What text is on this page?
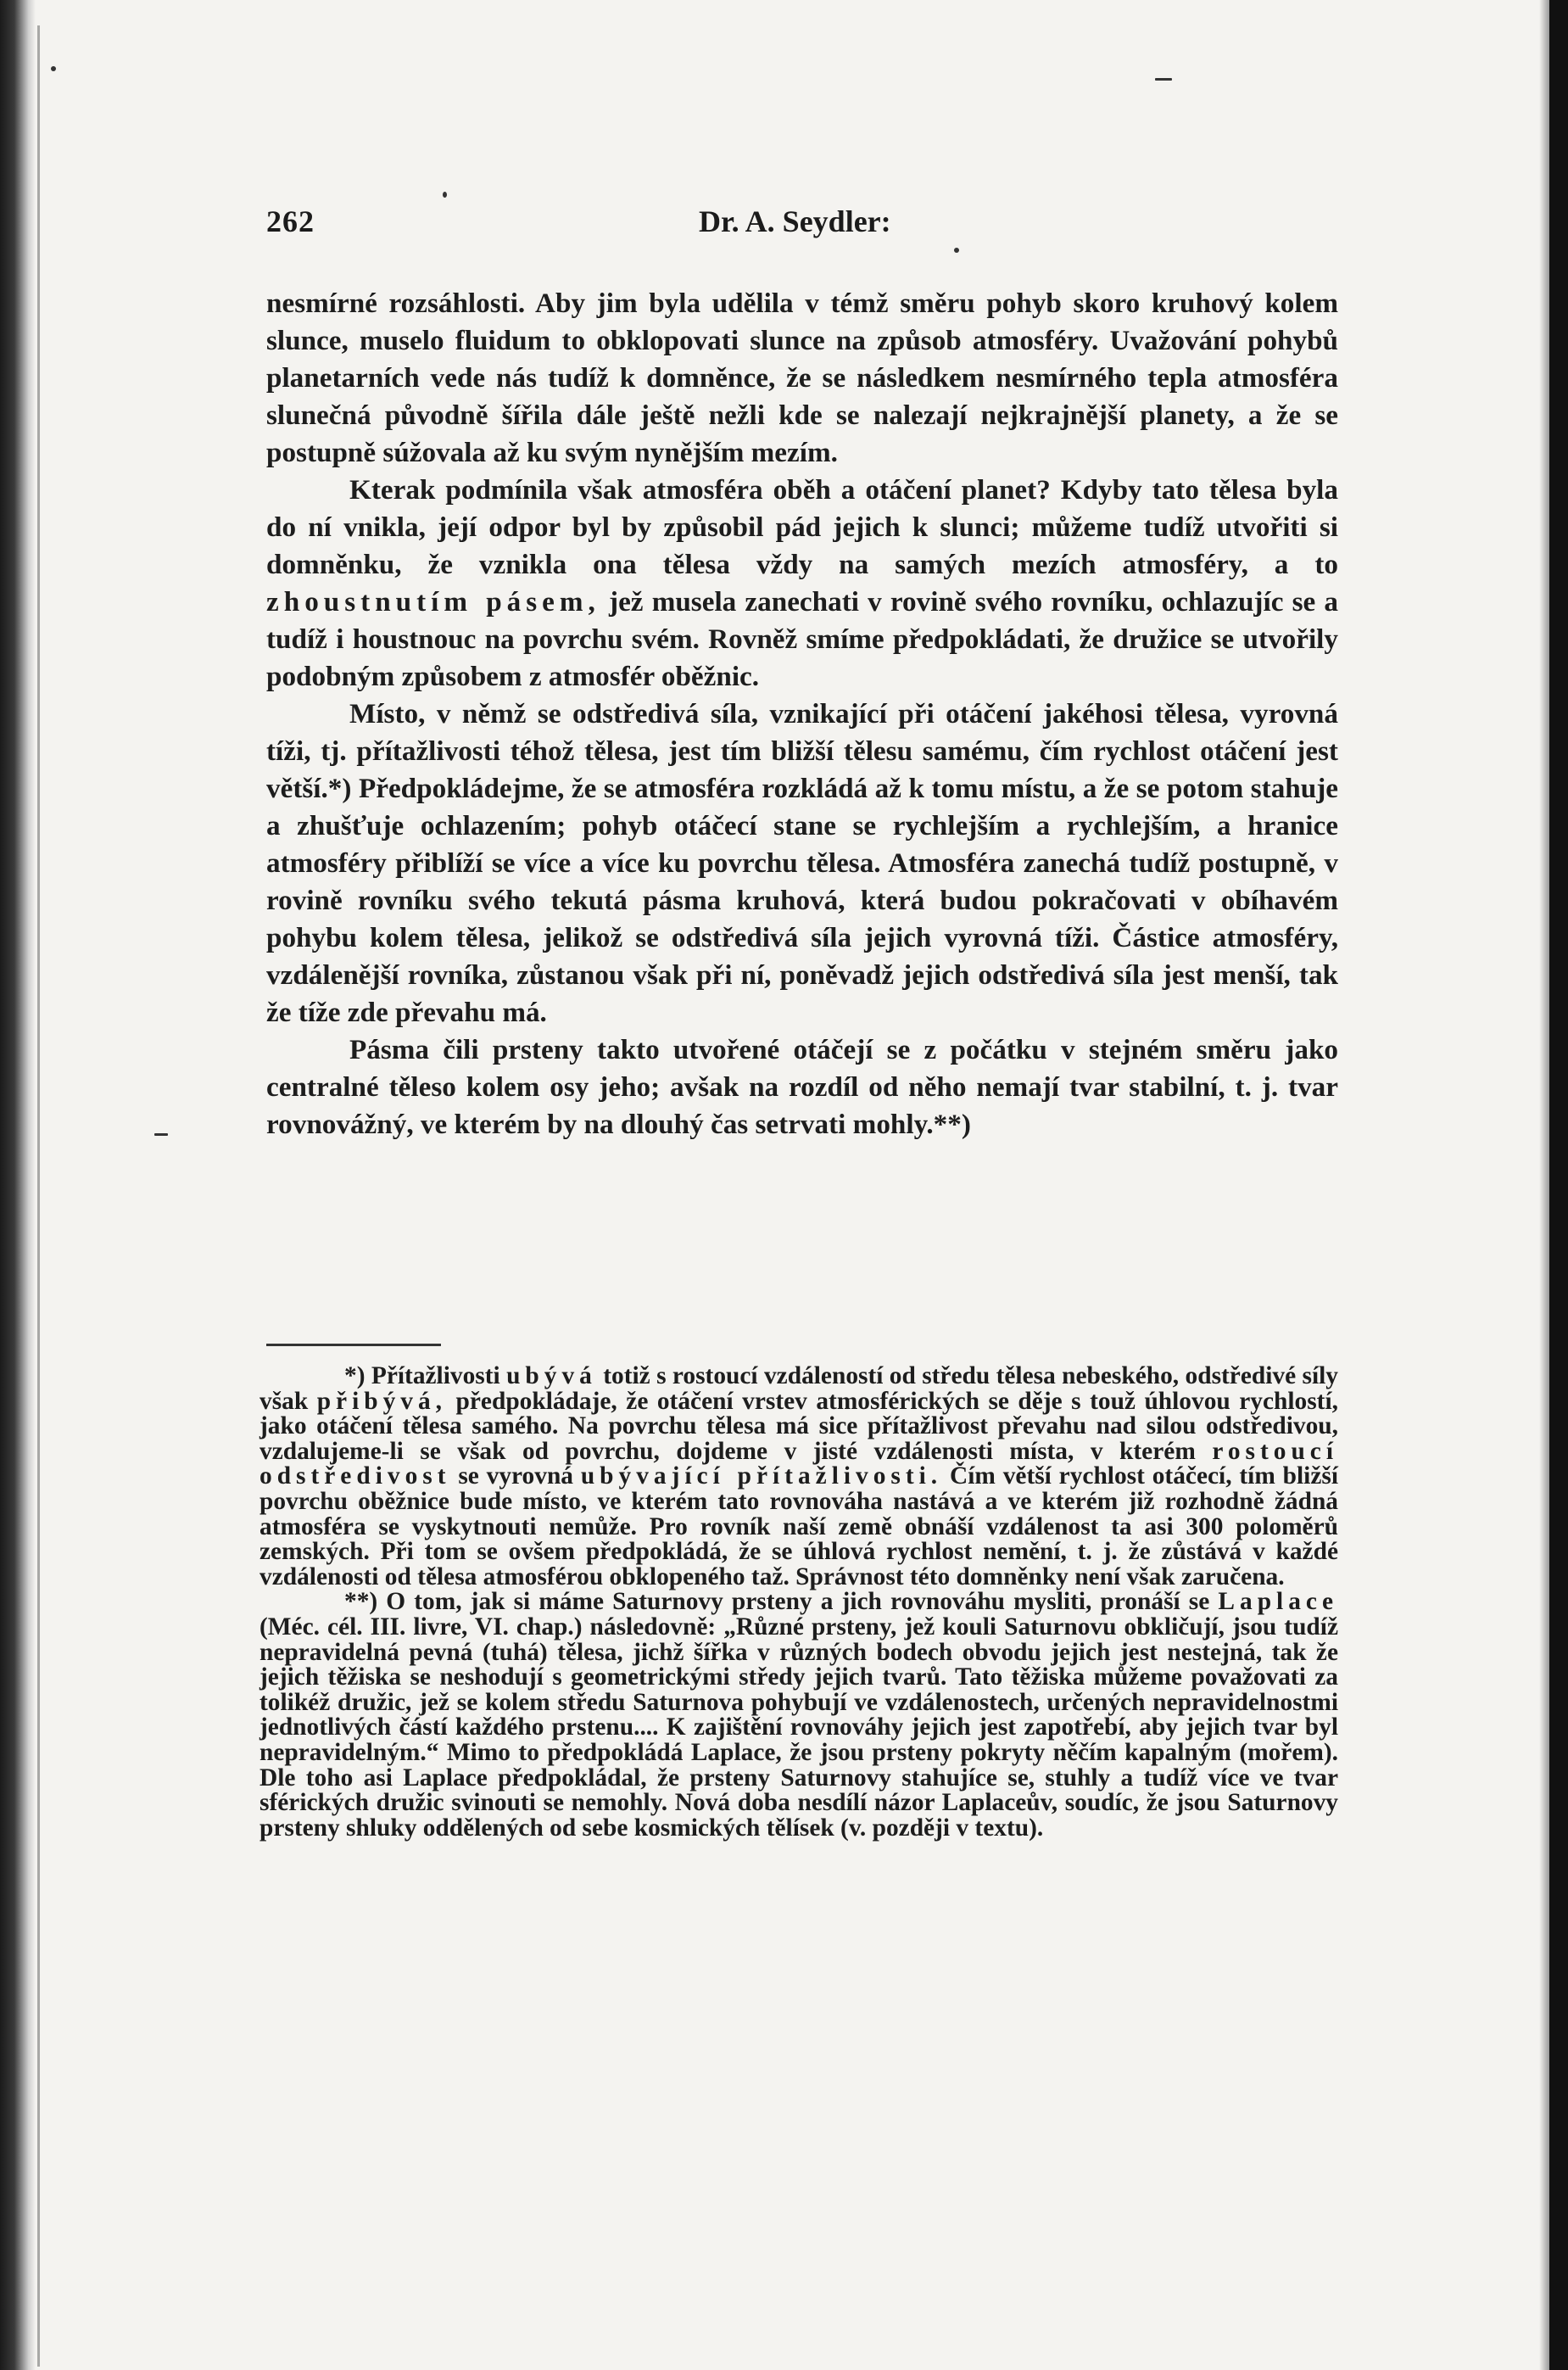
262	Dr. A. Seydler:

nesmírné rozsáhlosti. Aby jim byla udělila v témž směru pohyb skoro kruhový kolem slunce, muselo fluidum to obklopovati slunce na způsob atmosféry. Uvažování pohybů planetarních vede nás tudíž k domněnce, že se následkem nesmírného tepla atmosféra slunečná původně šířila dále ještě nežli kde se nalezají nejkrajnější planety, a že se postupně súžovala až ku svým nynějším mezím.

Kterak podmínila však atmosféra oběh a otáčení planet? Kdyby tato tělesa byla do ní vnikla, její odpor byl by způsobil pád jejich k slunci; můžeme tudíž utvořiti si domněnku, že vznikla ona tělesa vždy na samých mezích atmosféry, a to zhoustnutím pásem, jež musela zanechati v rovině svého rovníku, ochlazujíc se a tudíž i houstnouc na povrchu svém. Rovněž smíme předpokládati, že družice se utvořily podobným způsobem z atmosfér oběžnic.

Místo, v němž se odstředivá síla, vznikající při otáčení jakéhosi tělesa, vyrovná tíži, tj. přítažlivosti téhož tělesa, jest tím bližší tělesu samému, čím rychlost otáčení jest větší.*) Předpokládejme, že se atmosféra rozkládá až k tomu místu, a že se potom stahuje a zhušťuje ochlazením; pohyb otáčecí stane se rychlejším a rychlejším, a hranice atmosféry přiblíží se více a více ku povrchu tělesa. Atmosféra zanechá tudíž postupně, v rovině rovníku svého tekutá pásma kruhová, která budou pokračovati v obíhavém pohybu kolem tělesa, jelikož se odstředivá síla jejich vyrovná tíži. Částice atmosféry, vzdálenější rovníka, zůstanou však při ní, poněvadž jejich odstředivá síla jest menší, tak že tíže zde převahu má.

Pásma čili prsteny takto utvořené otáčejí se z počátku v stejném směru jako centralné těleso kolem osy jeho; avšak na rozdíl od něho nemají tvar stabilní, t. j. tvar rovnovážný, ve kterém by na dlouhý čas setrvati mohly.**)

*) Přítažlivosti ubývá totiž s rostoucí vzdáleností od středu tělesa nebeského, odstředivé síly však přibývá, předpokládaje, že otáčení vrstev atmosférických se děje s touž úhlovou rychlostí, jako otáčení tělesa samého. Na povrchu tělesa má sice přítažlivost převahu nad silou odstředivou, vzdalujeme-li se však od povrchu, dojdeme v jisté vzdálenosti místa, v kterém rostoucí odstředivost se vyrovná ubývající přítažlivosti. Čím větší rychlost otáčecí, tím bližší povrchu oběžnice bude místo, ve kterém tato rovnováha nastává a ve kterém již rozhodně žádná atmosféra se vyskytnouti nemůže. Pro rovník naší země obnáší vzdálenost ta asi 300 poloměrů zemských. Při tom se ovšem předpokládá, že se úhlová rychlost nemění, t. j. že zůstává v každé vzdálenosti od tělesa atmosférou obklopeného taž. Správnost této domněnky není však zaručena.

**) O tom, jak si máme Saturnovy prsteny a jich rovnováhu mysliti, pronáší se Laplace (Méc. cél. III. livre, VI. chap.) následovně: „Různé prsteny, jež kouli Saturnovu obkličují, jsou tudíž nepravidelná pevná (tuhá) tělesa, jichž šířka v různých bodech obvodu jejich jest nestejná, tak že jejich těžiska se neshodují s geometrickými středy jejich tvarů. Tato těžiska můžeme považovati za tolikéž družic, jež se kolem středu Saturnova pohybují ve vzdálenostech, určených nepravidelnostmi jednotlivých částí každého prstenu.... K zajištění rovnováhy jejich jest zapotřebí, aby jejich tvar byl nepravidelným.“ Mimo to předpokládá Laplace, že jsou prsteny pokryty něčím kapalným (mořem). Dle toho asi Laplace předpokládal, že prsteny Saturnovy stahujíce se, stuhly a tudíž více ve tvar sférických družic svinouti se nemohly. Nová doba nesdílí názor Laplaceův, soudíc, že jsou Saturnovy prsteny shluky oddělených od sebe kosmických tělísek (v. později v textu).
